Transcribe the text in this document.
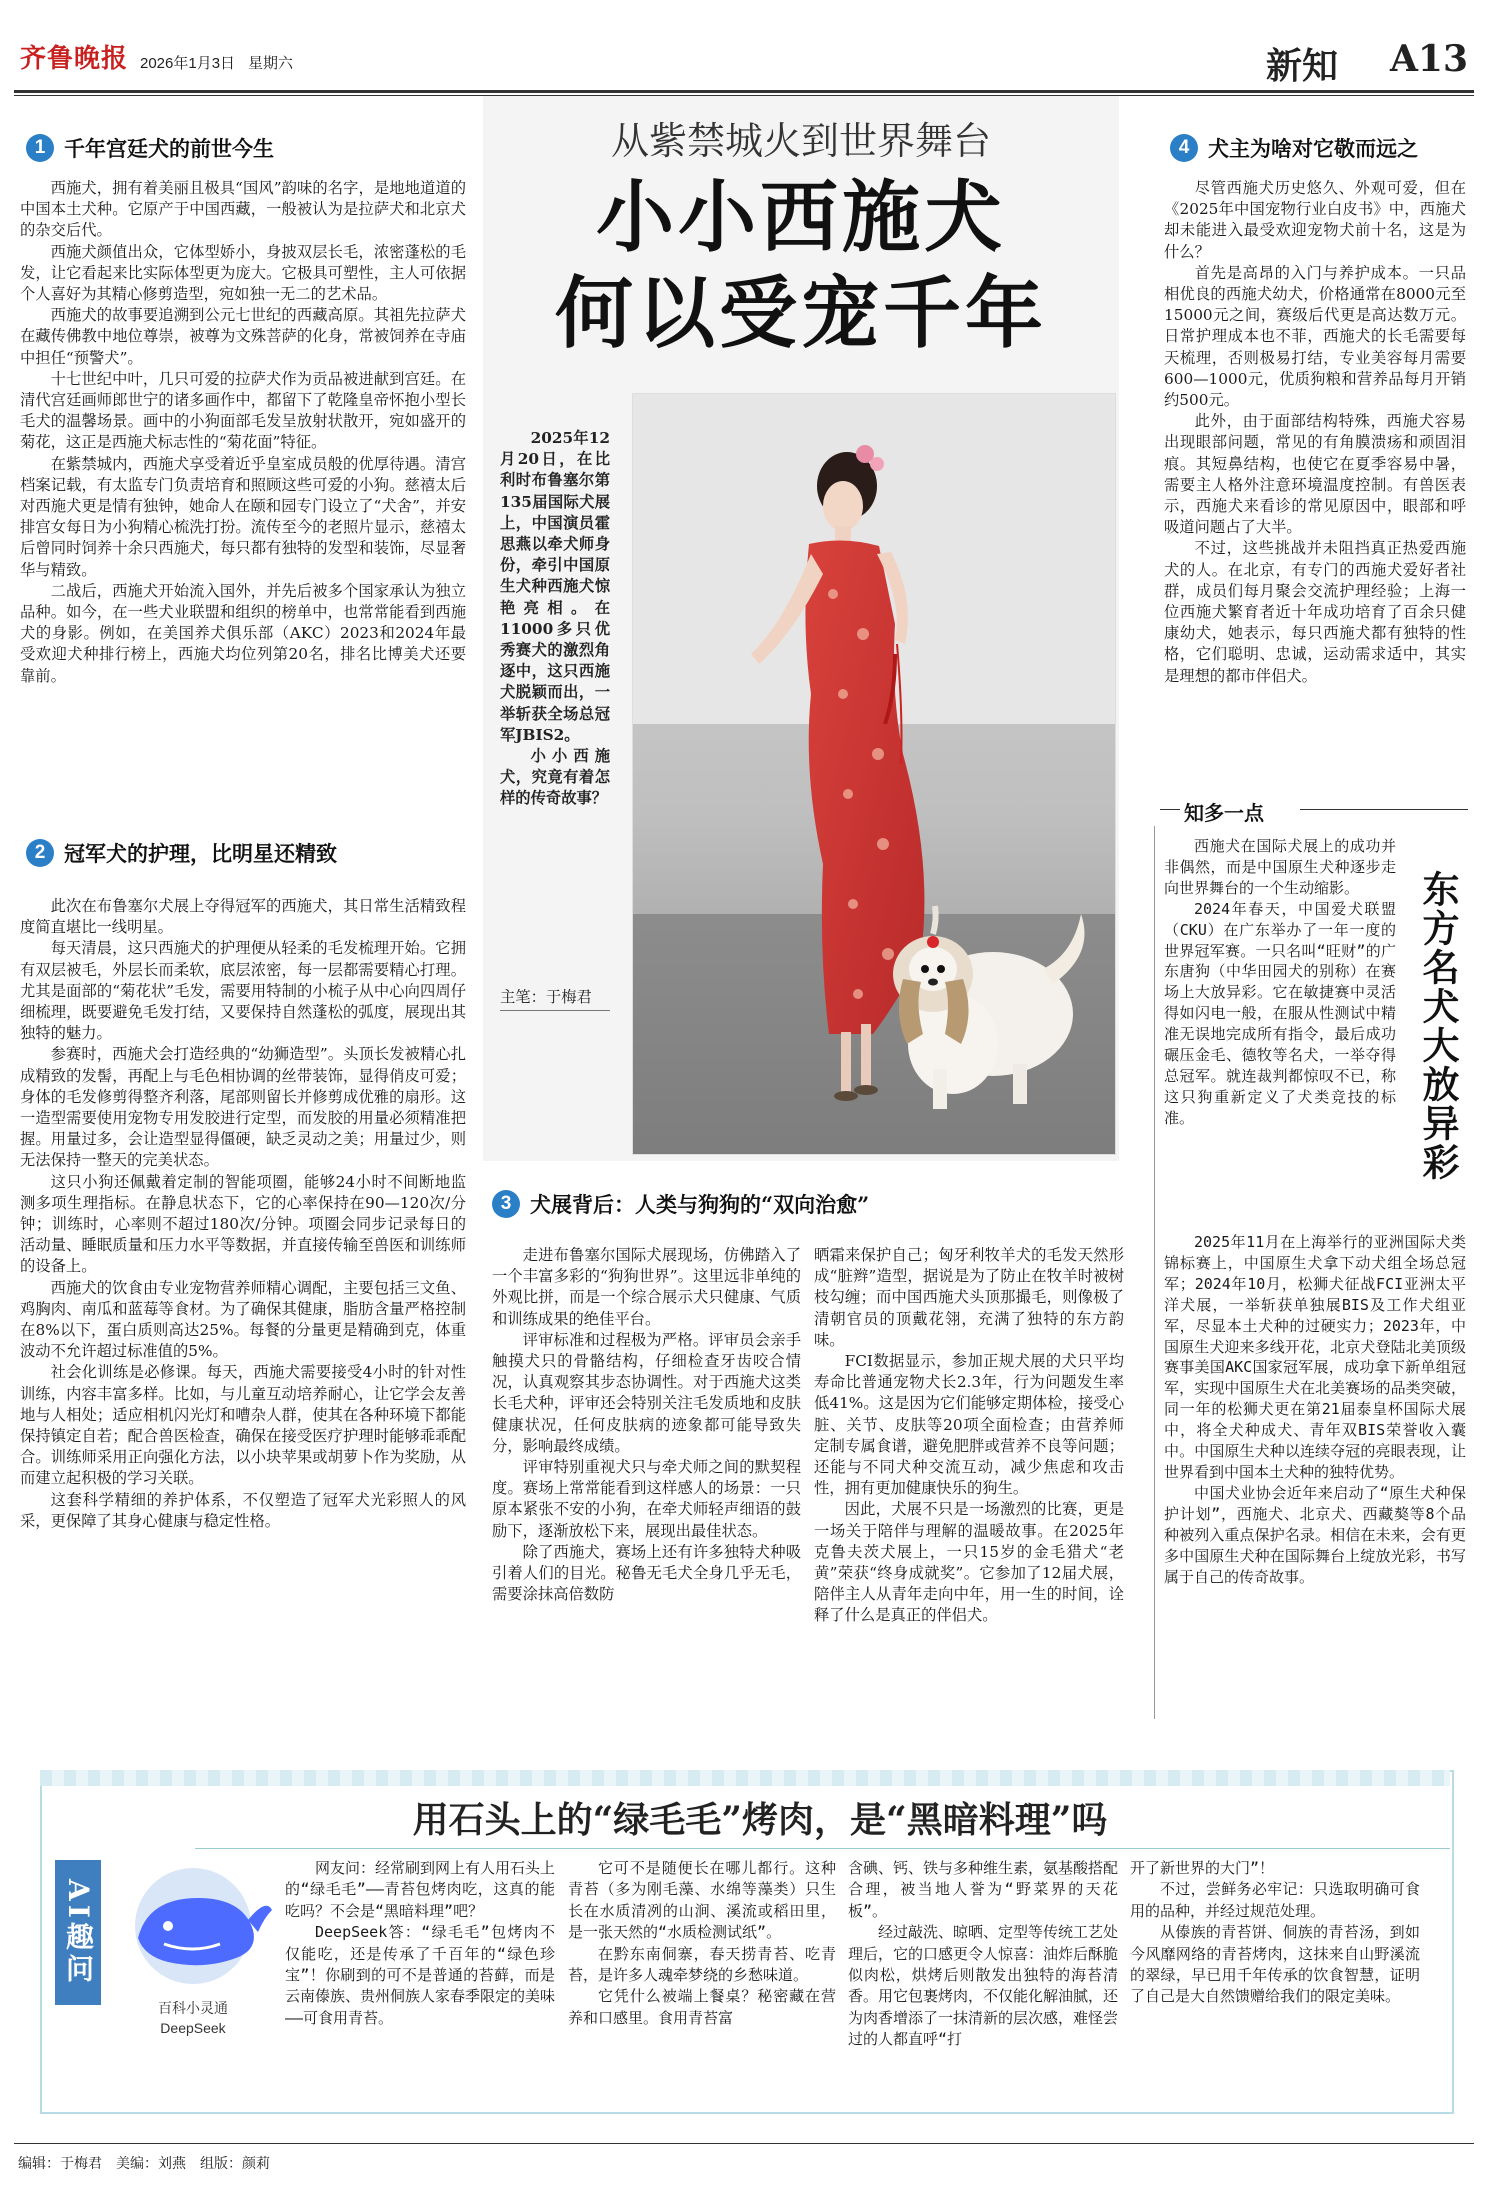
齐鲁晚报 2026年1月3日 星期六	新知 A13
1 千年宫廷犬的前世今生

西施犬，拥有着美丽且极具“国风”韵味的名字，是地地道道的中国本土犬种。它原产于中国西藏，一般被认为是拉萨犬和北京犬的杂交后代。

西施犬颜值出众，它体型娇小，身披双层长毛，浓密蓬松的毛发，让它看起来比实际体型更为庞大。它极具可塑性，主人可依据个人喜好为其精心修剪造型，宛如独一无二的艺术品。

西施犬的故事要追溯到公元七世纪的西藏高原。其祖先拉萨犬在藏传佛教中地位尊崇，被尊为文殊菩萨的化身，常被饲养在寺庙中担任“预警犬”。

十七世纪中叶，几只可爱的拉萨犬作为贡品被进献到宫廷。在清代宫廷画师郎世宁的诸多画作中，都留下了乾隆皇帝怀抱小型长毛犬的温馨场景。画中的小狗面部毛发呈放射状散开，宛如盛开的菊花，这正是西施犬标志性的“菊花面”特征。

在紫禁城内，西施犬享受着近乎皇室成员般的优厚待遇。清宫档案记载，有太监专门负责培育和照顾这些可爱的小狗。慈禧太后对西施犬更是情有独钟，她命人在颐和园专门设立了“犬舍”，并安排宫女每日为小狗精心梳洗打扮。流传至今的老照片显示，慈禧太后曾同时饲养十余只西施犬，每只都有独特的发型和装饰，尽显奢华与精致。

二战后，西施犬开始流入国外，并先后被多个国家承认为独立品种。如今，在一些犬业联盟和组织的榜单中，也常常能看到西施犬的身影。例如，在美国养犬俱乐部（AKC）2023和2024年最受欢迎犬种排行榜上，西施犬均位列第20名，排名比博美犬还要靠前。

2 冠军犬的护理，比明星还精致

此次在布鲁塞尔犬展上夺得冠军的西施犬，其日常生活精致程度简直堪比一线明星。

每天清晨，这只西施犬的护理便从轻柔的毛发梳理开始。它拥有双层被毛，外层长而柔软，底层浓密，每一层都需要精心打理。尤其是面部的“菊花状”毛发，需要用特制的小梳子从中心向四周仔细梳理，既要避免毛发打结，又要保持自然蓬松的弧度，展现出其独特的魅力。

参赛时，西施犬会打造经典的“幼狮造型”。头顶长发被精心扎成精致的发髻，再配上与毛色相协调的丝带装饰，显得俏皮可爱；身体的毛发修剪得整齐利落，尾部则留长并修剪成优雅的扇形。这一造型需要使用宠物专用发胶进行定型，而发胶的用量必须精准把握。用量过多，会让造型显得僵硬，缺乏灵动之美；用量过少，则无法保持一整天的完美状态。

这只小狗还佩戴着定制的智能项圈，能够24小时不间断地监测多项生理指标。在静息状态下，它的心率保持在90—120次/分钟；训练时，心率则不超过180次/分钟。项圈会同步记录每日的活动量、睡眠质量和压力水平等数据，并直接传输至兽医和训练师的设备上。

西施犬的饮食由专业宠物营养师精心调配，主要包括三文鱼、鸡胸肉、南瓜和蓝莓等食材。为了确保其健康，脂肪含量严格控制在8%以下，蛋白质则高达25%。每餐的分量更是精确到克，体重波动不允许超过标准值的5%。

社会化训练是必修课。每天，西施犬需要接受4小时的针对性训练，内容丰富多样。比如，与儿童互动培养耐心，让它学会友善地与人相处；适应相机闪光灯和嘈杂人群，使其在各种环境下都能保持镇定自若；配合兽医检查，确保在接受医疗护理时能够乖乖配合。训练师采用正向强化方法，以小块苹果或胡萝卜作为奖励，从而建立起积极的学习关联。

这套科学精细的养护体系，不仅塑造了冠军犬光彩照人的风采，更保障了其身心健康与稳定性格。

从紫禁城火到世界舞台
小小西施犬
何以受宠千年

2025年12月20日，在比利时布鲁塞尔第135届国际犬展上，中国演员霍思燕以牵犬师身份，牵引中国原生犬种西施犬惊艳亮相。在11000多只优秀赛犬的激烈角逐中，这只西施犬脱颖而出，一举斩获全场总冠军JBIS2。

小小西施犬，究竟有着怎样的传奇故事？

主笔：于梅君
3 犬展背后：人类与狗狗的“双向治愈”

走进布鲁塞尔国际犬展现场，仿佛踏入了一个丰富多彩的“狗狗世界”。这里远非单纯的外观比拼，而是一个综合展示犬只健康、气质和训练成果的绝佳平台。

评审标准和过程极为严格。评审员会亲手触摸犬只的骨骼结构，仔细检查牙齿咬合情况，认真观察其步态协调性。对于西施犬这类长毛犬种，评审还会特别关注毛发质地和皮肤健康状况，任何皮肤病的迹象都可能导致失分，影响最终成绩。

评审特别重视犬只与牵犬师之间的默契程度。赛场上常常能看到这样感人的场景：一只原本紧张不安的小狗，在牵犬师轻声细语的鼓励下，逐渐放松下来，展现出最佳状态。

除了西施犬，赛场上还有许多独特犬种吸引着人们的目光。秘鲁无毛犬全身几乎无毛，需要涂抹高倍数防

晒霜来保护自己；匈牙利牧羊犬的毛发天然形成“脏辫”造型，据说是为了防止在牧羊时被树枝勾缠；而中国西施犬头顶那撮毛，则像极了清朝官员的顶戴花翎，充满了独特的东方韵味。

FCI数据显示，参加正规犬展的犬只平均寿命比普通宠物犬长2.3年，行为问题发生率低41%。这是因为它们能够定期体检，接受心脏、关节、皮肤等20项全面检查；由营养师定制专属食谱，避免肥胖或营养不良等问题；还能与不同犬种交流互动，减少焦虑和攻击性，拥有更加健康快乐的狗生。

因此，犬展不只是一场激烈的比赛，更是一场关于陪伴与理解的温暖故事。在2025年克鲁夫茨犬展上，一只15岁的金毛猎犬“老黄”荣获“终身成就奖”。它参加了12届犬展，陪伴主人从青年走向中年，用一生的时间，诠释了什么是真正的伴侣犬。

4 犬主为啥对它敬而远之

尽管西施犬历史悠久、外观可爱，但在《2025年中国宠物行业白皮书》中，西施犬却未能进入最受欢迎宠物犬前十名，这是为什么？

首先是高昂的入门与养护成本。一只品相优良的西施犬幼犬，价格通常在8000元至15000元之间，赛级后代更是高达数万元。日常护理成本也不菲，西施犬的长毛需要每天梳理，否则极易打结，专业美容每月需要600—1000元，优质狗粮和营养品每月开销约500元。

此外，由于面部结构特殊，西施犬容易出现眼部问题，常见的有角膜溃疡和顽固泪痕。其短鼻结构，也使它在夏季容易中暑，需要主人格外注意环境温度控制。有兽医表示，西施犬来看诊的常见原因中，眼部和呼吸道问题占了大半。

不过，这些挑战并未阻挡真正热爱西施犬的人。在北京，有专门的西施犬爱好者社群，成员们每月聚会交流护理经验；上海一位西施犬繁育者近十年成功培育了百余只健康幼犬，她表示，每只西施犬都有独特的性格，它们聪明、忠诚，运动需求适中，其实是理想的都市伴侣犬。

知多一点

西施犬在国际犬展上的成功并非偶然，而是中国原生犬种逐步走向世界舞台的一个生动缩影。

2024年春天，中国爱犬联盟（CKU）在广东举办了一年一度的世界冠军赛。一只名叫“旺财”的广东唐狗（中华田园犬的别称）在赛场上大放异彩。它在敏捷赛中灵活得如闪电一般，在服从性测试中精准无误地完成所有指令，最后成功碾压金毛、德牧等名犬，一举夺得总冠军。就连裁判都惊叹不已，称这只狗重新定义了犬类竞技的标准。	东方名犬大放异彩

2025年11月在上海举行的亚洲国际犬类锦标赛上，中国原生犬拿下动犬组全场总冠军；2024年10月，松狮犬征战FCI亚洲太平洋犬展，一举斩获单独展BIS及工作犬组亚军，尽显本土犬种的过硬实力；2023年，中国原生犬迎来多线开花，北京犬登陆北美顶级赛事美国AKC国家冠军展，成功拿下新单组冠军，实现中国原生犬在北美赛场的品类突破，同一年的松狮犬更在第21届泰皇杯国际犬展中，将全犬种成犬、青年双BIS荣誉收入囊中。中国原生犬种以连续夺冠的亮眼表现，让世界看到中国本土犬种的独特优势。

中国犬业协会近年来启动了“原生犬种保护计划”，西施犬、北京犬、西藏獒等8个品种被列入重点保护名录。相信在未来，会有更多中国原生犬种在国际舞台上绽放光彩，书写属于自己的传奇故事。

用石头上的“绿毛毛”烤肉，是“黑暗料理”吗
AI趣问
百科小灵通
DeepSeek

网友问：经常刷到网上有人用石头上的“绿毛毛”——青苔包烤肉吃，这真的能吃吗？不会是“黑暗料理”吧？

DeepSeek答：“绿毛毛”包烤肉不仅能吃，还是传承了千百年的“绿色珍宝”！你刷到的可不是普通的苔藓，而是云南傣族、贵州侗族人家春季限定的美味——可食用青苔。

它可不是随便长在哪儿都行。这种青苔（多为刚毛藻、水绵等藻类）只生长在水质清冽的山涧、溪流或稻田里，是一张天然的“水质检测试纸”。

在黔东南侗寨，春天捞青苔、吃青苔，是许多人魂牵梦绕的乡愁味道。

它凭什么被端上餐桌？秘密藏在营养和口感里。食用青苔富

含碘、钙、铁与多种维生素，氨基酸搭配合理，被当地人誉为“野菜界的天花板”。

经过敲洗、晾晒、定型等传统工艺处理后，它的口感更令人惊喜：油炸后酥脆似肉松，烘烤后则散发出独特的海苔清香。用它包裹烤肉，不仅能化解油腻，还为肉香增添了一抹清新的层次感，难怪尝过的人都直呼“打

开了新世界的大门”！

不过，尝鲜务必牢记：只选取明确可食用的品种，并经过规范处理。

从傣族的青苔饼、侗族的青苔汤，到如今风靡网络的青苔烤肉，这抹来自山野溪流的翠绿，早已用千年传承的饮食智慧，证明了自己是大自然馈赠给我们的限定美味。

编辑：于梅君　美编：刘燕　组版：颜莉
